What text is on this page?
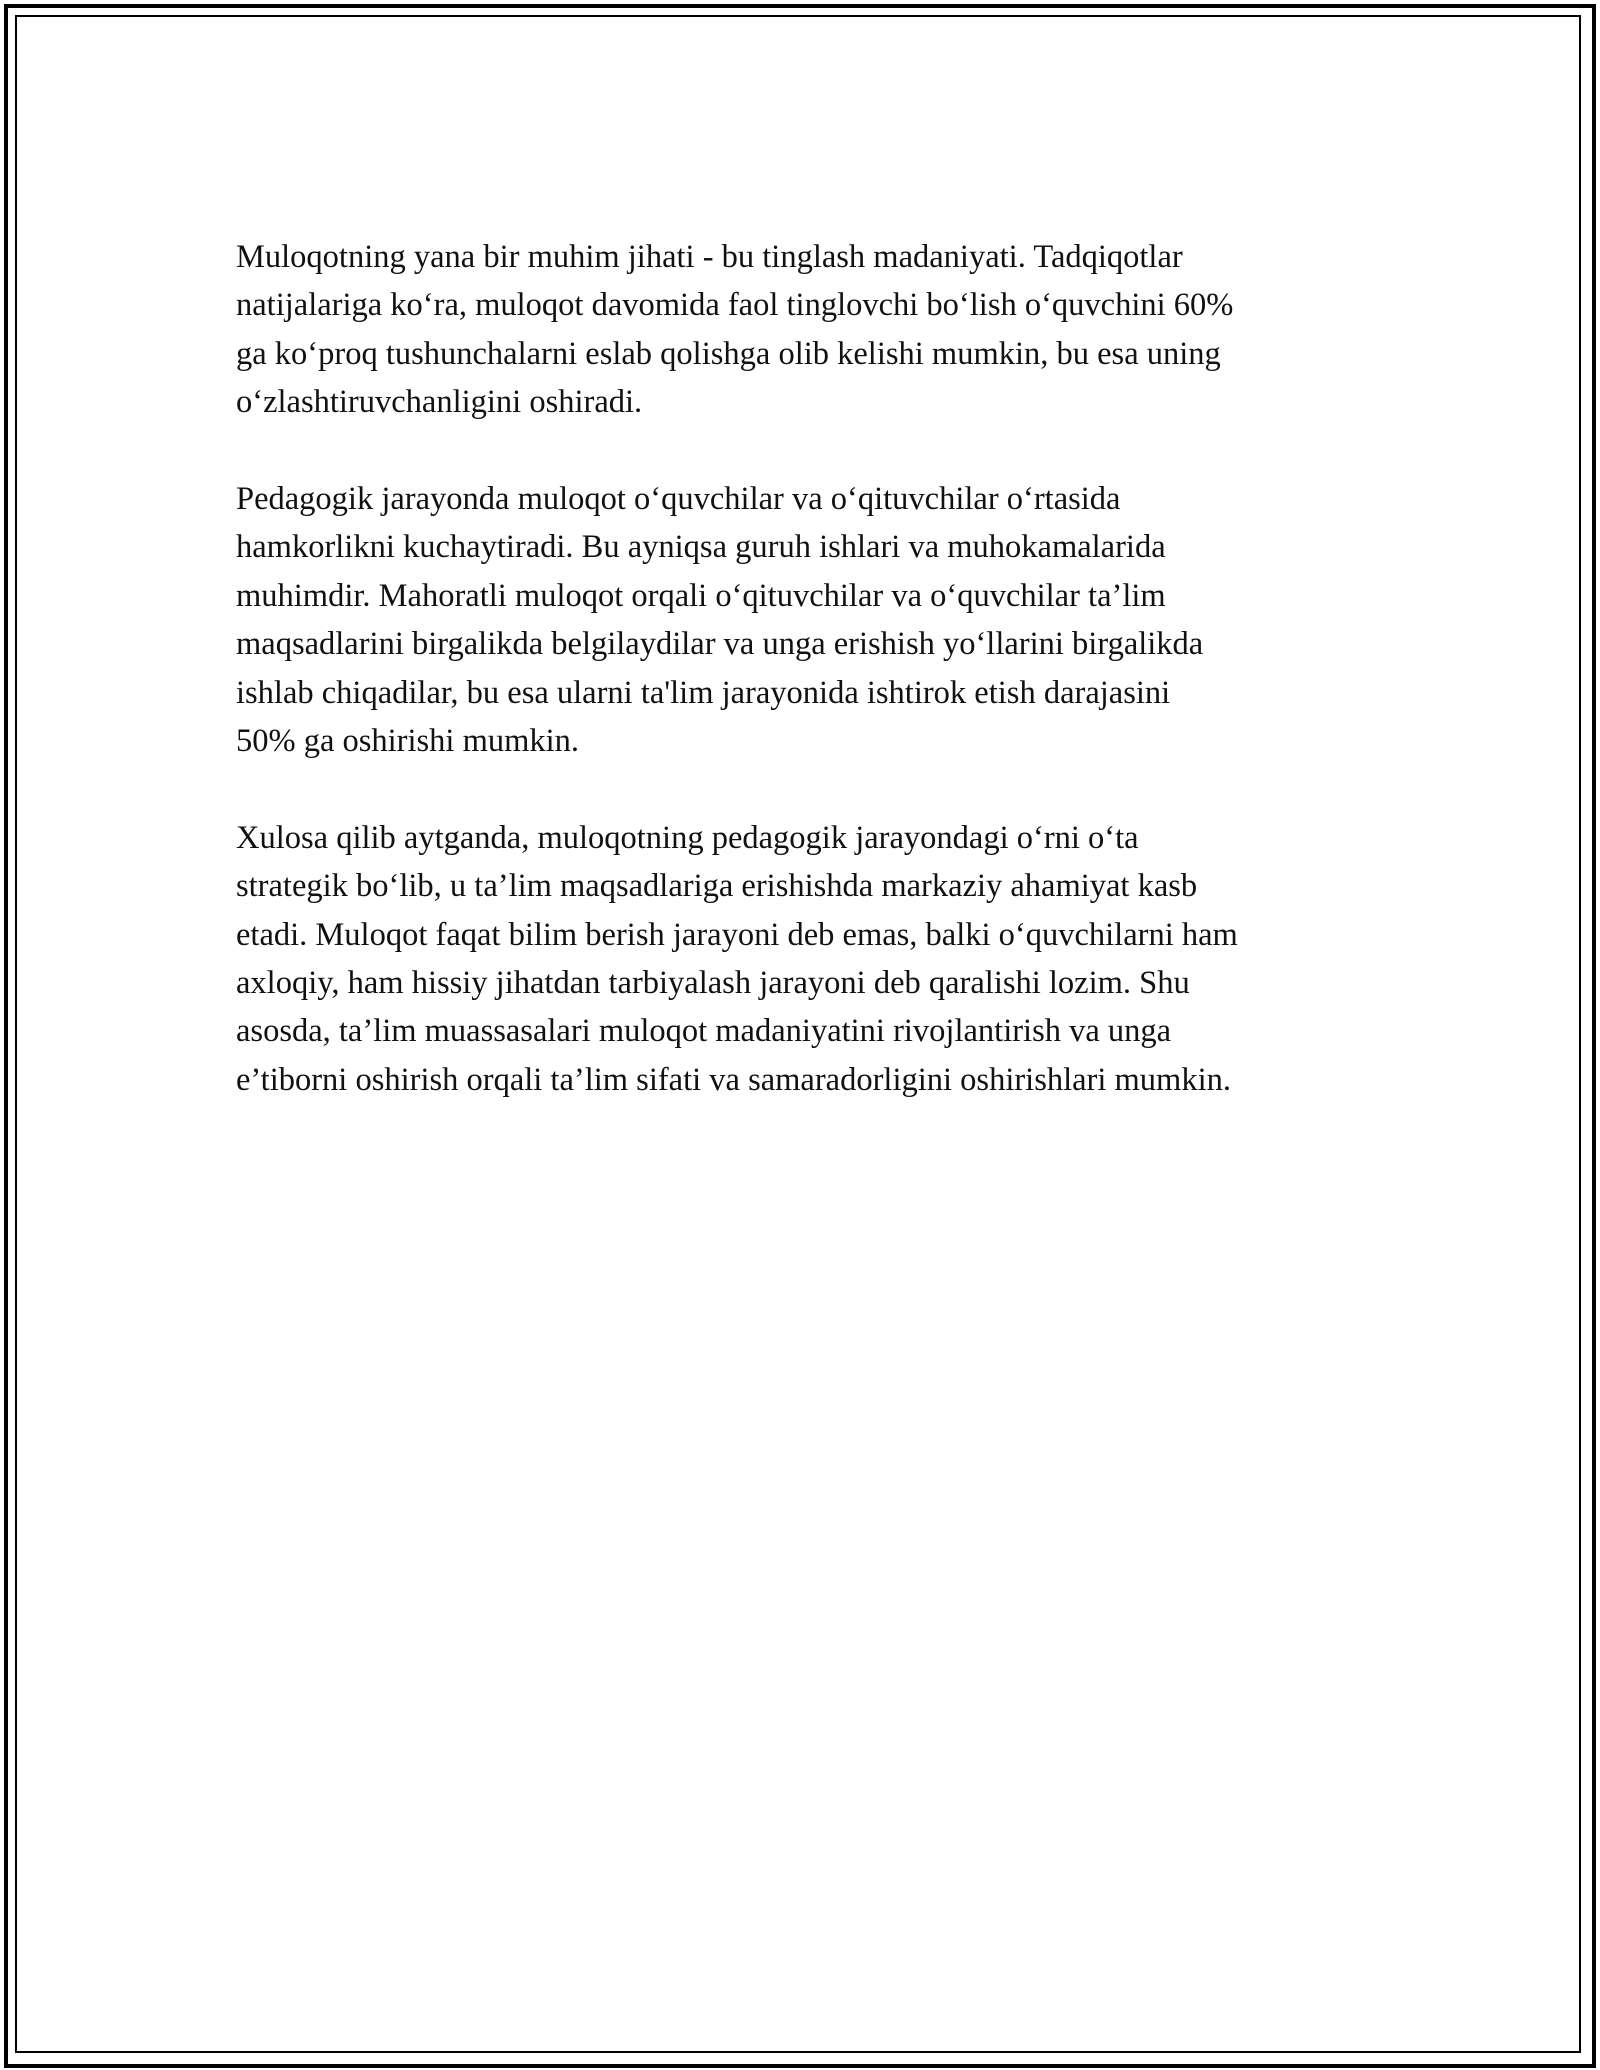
Muloqotning yana bir muhim jihati - bu tinglash madaniyati. Tadqiqotlar
natijalariga ko‘ra, muloqot davomida faol tinglovchi bo‘lish o‘quvchini 60%
ga ko‘proq tushunchalarni eslab qolishga olib kelishi mumkin, bu esa uning
o‘zlashtiruvchanligini oshiradi.

Pedagogik jarayonda muloqot o‘quvchilar va o‘qituvchilar o‘rtasida
hamkorlikni kuchaytiradi. Bu ayniqsa guruh ishlari va muhokamalarida
muhimdir. Mahoratli muloqot orqali o‘qituvchilar va o‘quvchilar ta’lim
maqsadlarini birgalikda belgilaydilar va unga erishish yo‘llarini birgalikda
ishlab chiqadilar, bu esa ularni ta'lim jarayonida ishtirok etish darajasini
50% ga oshirishi mumkin.

Xulosa qilib aytganda, muloqotning pedagogik jarayondagi o‘rni o‘ta
strategik bo‘lib, u ta’lim maqsadlariga erishishda markaziy ahamiyat kasb
etadi. Muloqot faqat bilim berish jarayoni deb emas, balki o‘quvchilarni ham
axloqiy, ham hissiy jihatdan tarbiyalash jarayoni deb qaralishi lozim. Shu
asosda, ta’lim muassasalari muloqot madaniyatini rivojlantirish va unga
e’tiborni oshirish orqali ta’lim sifati va samaradorligini oshirishlari mumkin.
